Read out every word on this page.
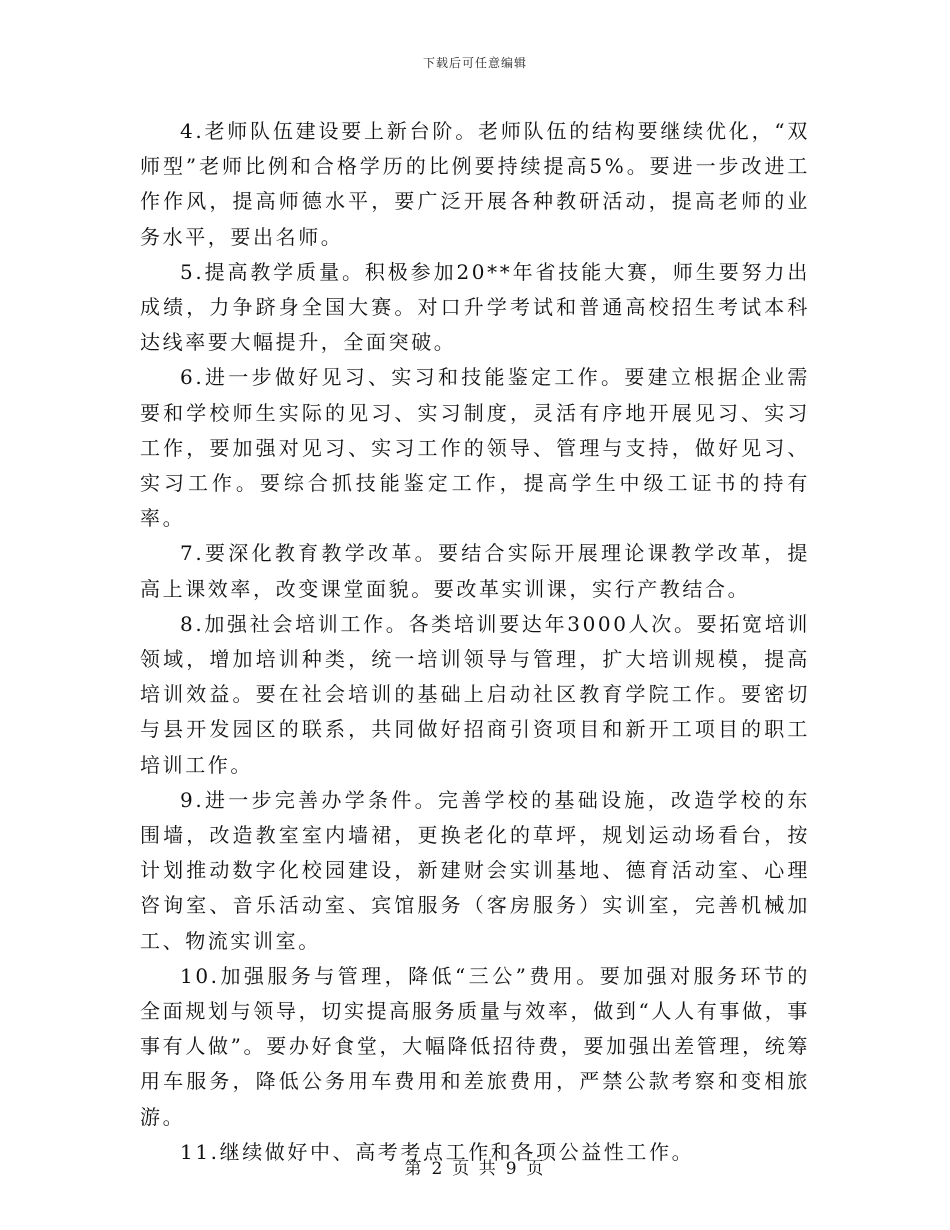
下载后可任意编辑

4.老师队伍建设要上新台阶。老师队伍的结构要继续优化，“双师型”老师比例和合格学历的比例要持续提高5%。要进一步改进工作作风，提高师德水平，要广泛开展各种教研活动，提高老师的业务水平，要出名师。

5.提高教学质量。积极参加20**年省技能大赛，师生要努力出成绩，力争跻身全国大赛。对口升学考试和普通高校招生考试本科达线率要大幅提升，全面突破。

6.进一步做好见习、实习和技能鉴定工作。要建立根据企业需要和学校师生实际的见习、实习制度，灵活有序地开展见习、实习工作，要加强对见习、实习工作的领导、管理与支持，做好见习、实习工作。要综合抓技能鉴定工作，提高学生中级工证书的持有率。

7.要深化教育教学改革。要结合实际开展理论课教学改革，提高上课效率，改变课堂面貌。要改革实训课，实行产教结合。

8.加强社会培训工作。各类培训要达年3000人次。要拓宽培训领域，增加培训种类，统一培训领导与管理，扩大培训规模，提高培训效益。要在社会培训的基础上启动社区教育学院工作。要密切与县开发园区的联系，共同做好招商引资项目和新开工项目的职工培训工作。

9.进一步完善办学条件。完善学校的基础设施，改造学校的东围墙，改造教室室内墙裙，更换老化的草坪，规划运动场看台，按计划推动数字化校园建设，新建财会实训基地、德育活动室、心理咨询室、音乐活动室、宾馆服务（客房服务）实训室，完善机械加工、物流实训室。

10.加强服务与管理，降低“三公”费用。要加强对服务环节的全面规划与领导，切实提高服务质量与效率，做到“人人有事做，事事有人做”。要办好食堂，大幅降低招待费，要加强出差管理，统筹用车服务，降低公务用车费用和差旅费用，严禁公款考察和变相旅游。

11.继续做好中、高考考点工作和各项公益性工作。

第 2 页 共 9 页
